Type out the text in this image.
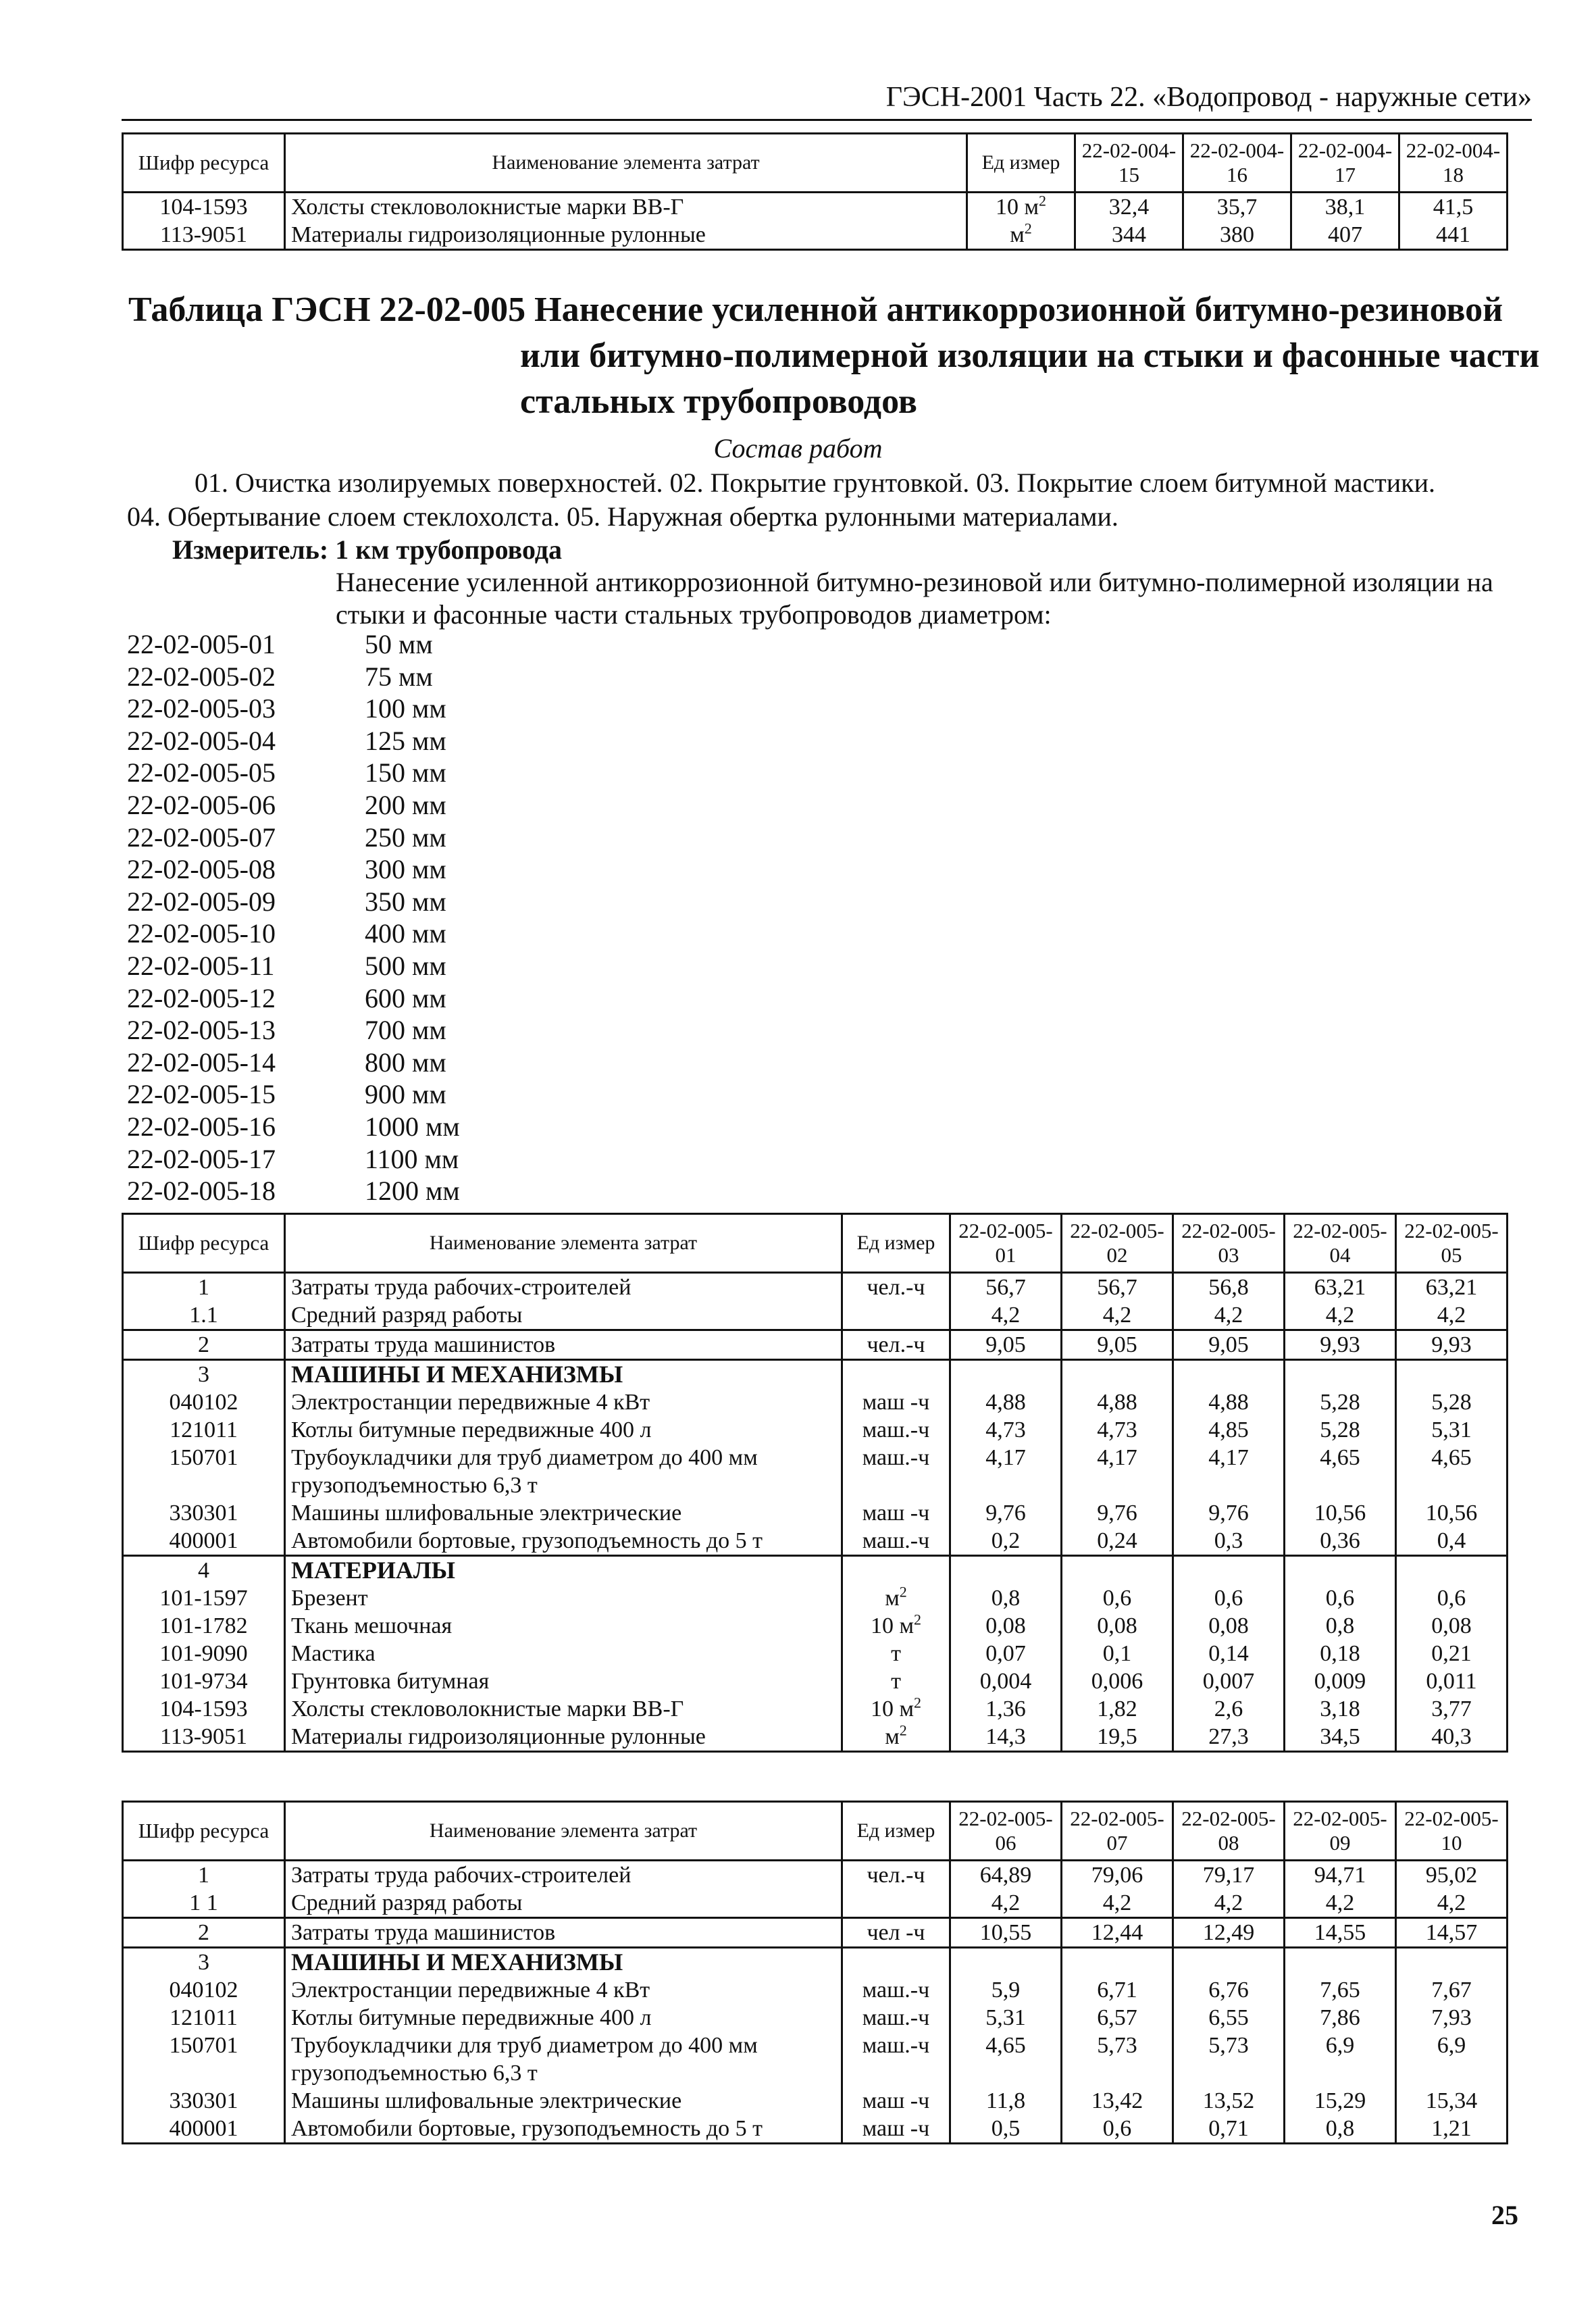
ГЭСН-2001 Часть 22. «Водопровод - наружные сети»
Шифр ресурса	Наименование элемента затрат	Ед измер	22-02-004-15	22-02-004-16	22-02-004-17	22-02-004-18
104-1593	Холсты стекловолокнистые марки ВВ-Г	10 $м^2$	32,4	35,7	38,1	41,5
113-9051	Материалы гидроизоляционные рулонные	$м^2$	344	380	407	441
Таблица ГЭСН 22-02-005 Нанесение усиленной антикоррозионной битумно-резиновой
или битумно-полимерной изоляции на стыки и фасонные части
стальных трубопроводов
Состав работ

01. Очистка изолируемых поверхностей. 02. Покрытие грунтовкой. 03. Покрытие слоем битумной мастики.

04. Обертывание слоем стеклохолста. 05. Наружная обертка рулонными материалами.

Измеритель: 1 км трубопровода
Нанесение усиленной антикоррозионной битумно-резиновой или битумно-полимерной изоляции на стыки и фасонные части стальных трубопроводов диаметром:
22-02-005-01	50 мм
22-02-005-02	75 мм
22-02-005-03	100 мм
22-02-005-04	125 мм
22-02-005-05	150 мм
22-02-005-06	200 мм
22-02-005-07	250 мм
22-02-005-08	300 мм
22-02-005-09	350 мм
22-02-005-10	400 мм
22-02-005-11	500 мм
22-02-005-12	600 мм
22-02-005-13	700 мм
22-02-005-14	800 мм
22-02-005-15	900 мм
22-02-005-16	1000 мм
22-02-005-17	1100 мм
22-02-005-18	1200 мм
Шифр ресурса	Наименование элемента затрат	Ед измер	22-02-005-01	22-02-005-02	22-02-005-03	22-02-005-04	22-02-005-05
1	Затраты труда рабочих-строителей	чел.-ч	56,7	56,7	56,8	63,21	63,21
1.1	Средний разряд работы		4,2	4,2	4,2	4,2	4,2
2	Затраты труда машинистов	чел.-ч	9,05	9,05	9,05	9,93	9,93
3	МАШИНЫ И МЕХАНИЗМЫ						
040102	Электростанции передвижные 4 кВт	маш -ч	4,88	4,88	4,88	5,28	5,28
121011	Котлы битумные передвижные 400 л	маш.-ч	4,73	4,73	4,85	5,28	5,31
150701	Трубоукладчики для труб диаметром до 400 мм	маш.-ч	4,17	4,17	4,17	4,65	4,65
	грузоподъемностью 6,3 т						
330301	Машины шлифовальные электрические	маш -ч	9,76	9,76	9,76	10,56	10,56
400001	Автомобили бортовые, грузоподъемность до 5 т	маш.-ч	0,2	0,24	0,3	0,36	0,4
4	МАТЕРИАЛЫ						
101-1597	Брезент	$м^2$	0,8	0,6	0,6	0,6	0,6
101-1782	Ткань мешочная	10 $м^2$	0,08	0,08	0,08	0,8	0,08
101-9090	Мастика	т	0,07	0,1	0,14	0,18	0,21
101-9734	Грунтовка битумная	т	0,004	0,006	0,007	0,009	0,011
104-1593	Холсты стекловолокнистые марки ВВ-Г	10 $м^2$	1,36	1,82	2,6	3,18	3,77
113-9051	Материалы гидроизоляционные рулонные	$м^2$	14,3	19,5	27,3	34,5	40,3
Шифр ресурса	Наименование элемента затрат	Ед измер	22-02-005-06	22-02-005-07	22-02-005-08	22-02-005-09	22-02-005-10
1	Затраты труда рабочих-строителей	чел.-ч	64,89	79,06	79,17	94,71	95,02
1 1	Средний разряд работы		4,2	4,2	4,2	4,2	4,2
2	Затраты труда машинистов	чел -ч	10,55	12,44	12,49	14,55	14,57
3	МАШИНЫ И МЕХАНИЗМЫ						
040102	Электростанции передвижные 4 кВт	маш.-ч	5,9	6,71	6,76	7,65	7,67
121011	Котлы битумные передвижные 400 л	маш.-ч	5,31	6,57	6,55	7,86	7,93
150701	Трубоукладчики для труб диаметром до 400 мм	маш.-ч	4,65	5,73	5,73	6,9	6,9
	грузоподъемностью 6,3 т						
330301	Машины шлифовальные электрические	маш -ч	11,8	13,42	13,52	15,29	15,34
400001	Автомобили бортовые, грузоподъемность до 5 т	маш -ч	0,5	0,6	0,71	0,8	1,21
25
